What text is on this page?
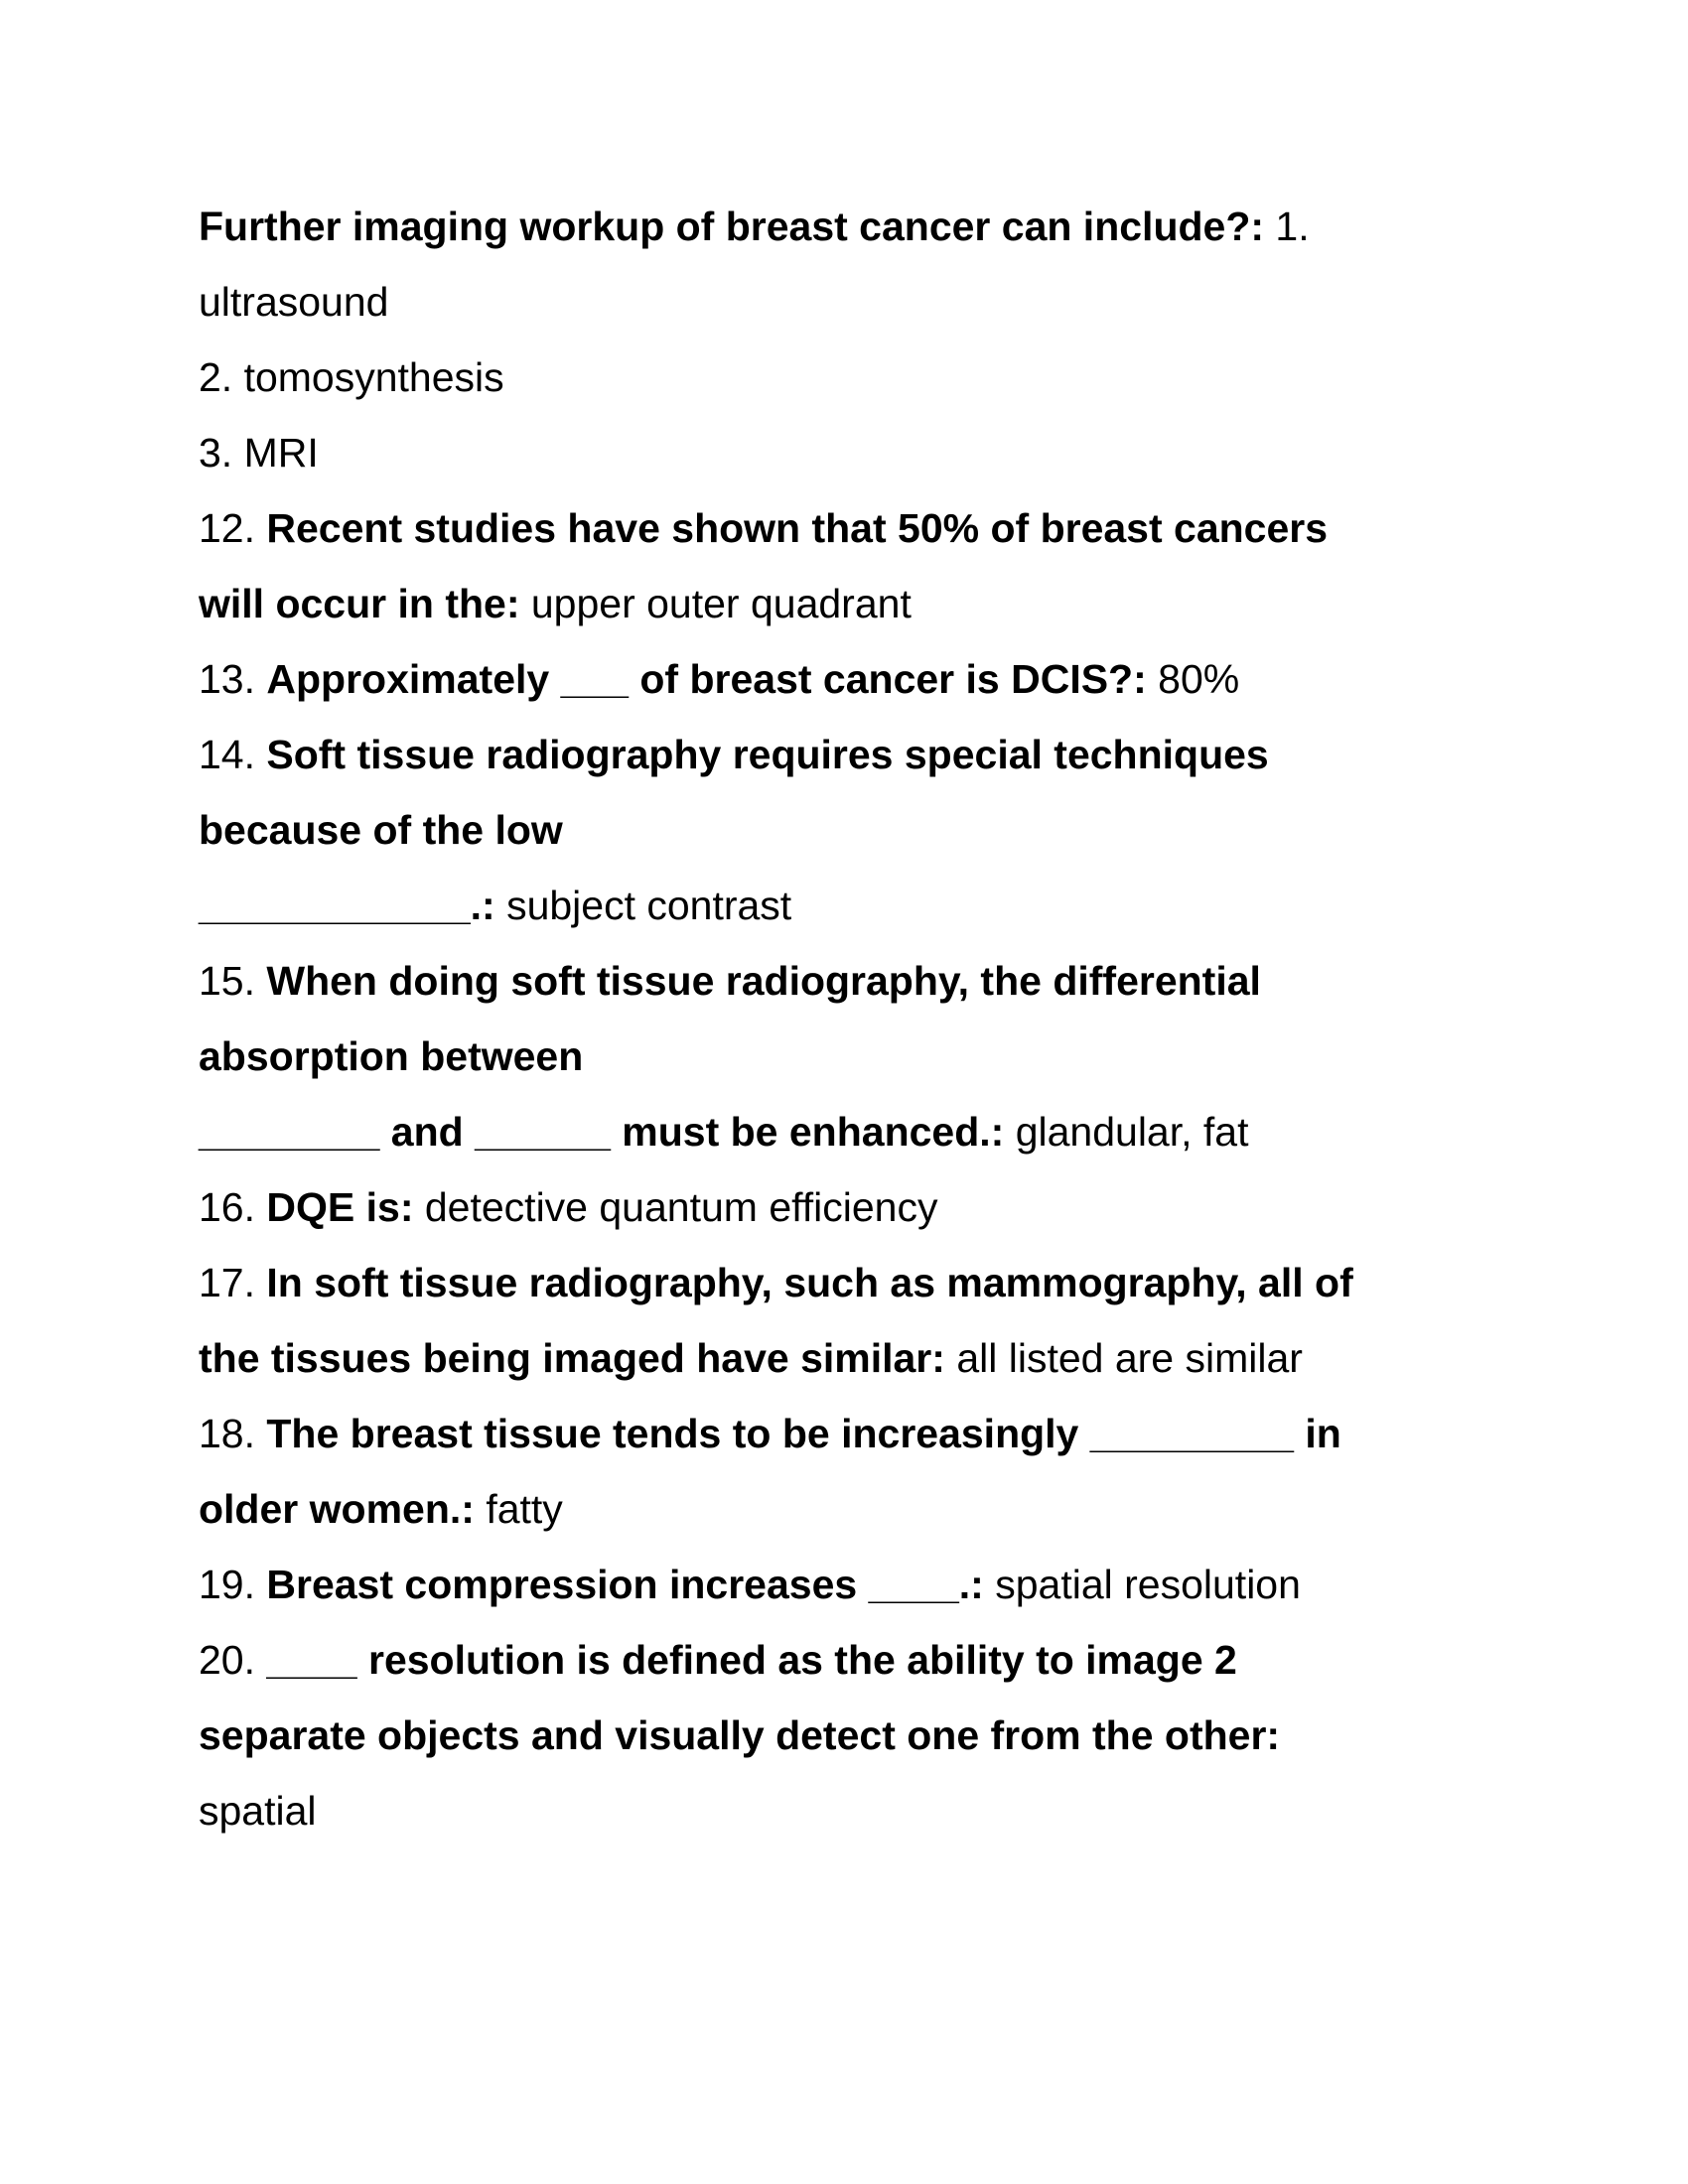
Further imaging workup of breast cancer can include?: 1.
ultrasound
2. tomosynthesis
3. MRI
12. Recent studies have shown that 50% of breast cancers
will occur in the: upper outer quadrant
13. Approximately ___ of breast cancer is DCIS?: 80%
14. Soft tissue radiography requires special techniques
because of the low
____________.: subject contrast
15. When doing soft tissue radiography, the differential
absorption between
________ and ______ must be enhanced.: glandular, fat
16. DQE is: detective quantum efficiency
17. In soft tissue radiography, such as mammography, all of
the tissues being imaged have similar: all listed are similar
18. The breast tissue tends to be increasingly _________ in
older women.: fatty
19. Breast compression increases ____.: spatial resolution
20. ____ resolution is defined as the ability to image 2
separate objects and visually detect one from the other:
spatial
